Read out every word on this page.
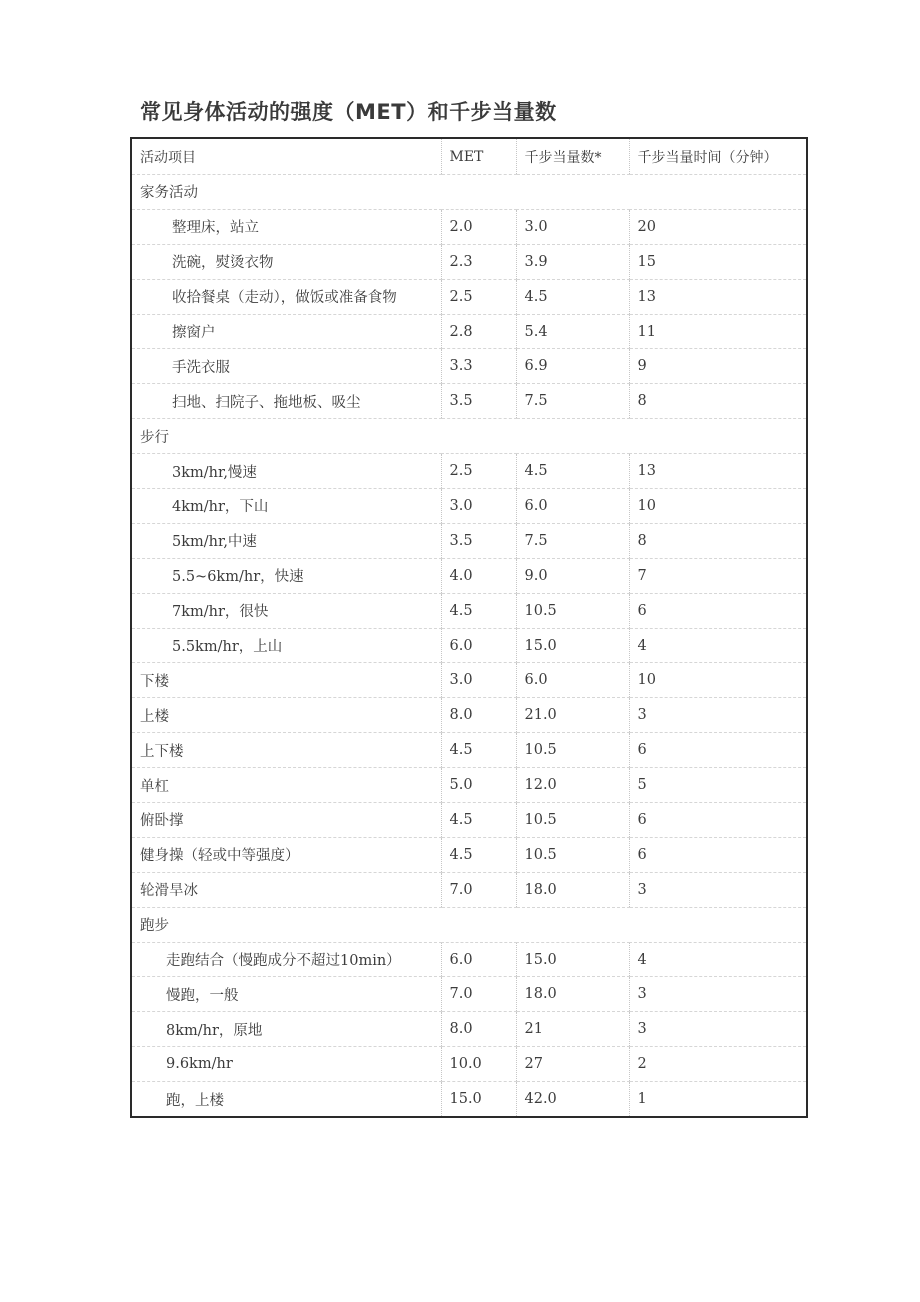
常见身体活动的强度（MET）和千步当量数
活动项目	MET	千步当量数*	千步当量时间（分钟）
家务活动			
整理床，站立	2.0	3.0	20
洗碗，熨烫衣物	2.3	3.9	15
收拾餐桌（走动），做饭或准备食物	2.5	4.5	13
擦窗户	2.8	5.4	11
手洗衣服	3.3	6.9	9
扫地、扫院子、拖地板、吸尘	3.5	7.5	8
步行			
3km/hr,慢速	2.5	4.5	13
4km/hr，下山	3.0	6.0	10
5km/hr,中速	3.5	7.5	8
5.5~6km/hr，快速	4.0	9.0	7
7km/hr，很快	4.5	10.5	6
5.5km/hr，上山	6.0	15.0	4
下楼	3.0	6.0	10
上楼	8.0	21.0	3
上下楼	4.5	10.5	6
单杠	5.0	12.0	5
俯卧撑	4.5	10.5	6
健身操（轻或中等强度）	4.5	10.5	6
轮滑旱冰	7.0	18.0	3
跑步			
走跑结合（慢跑成分不超过10min）	6.0	15.0	4
慢跑，一般	7.0	18.0	3
8km/hr，原地	8.0	21	3
9.6km/hr	10.0	27	2
跑，上楼	15.0	42.0	1
